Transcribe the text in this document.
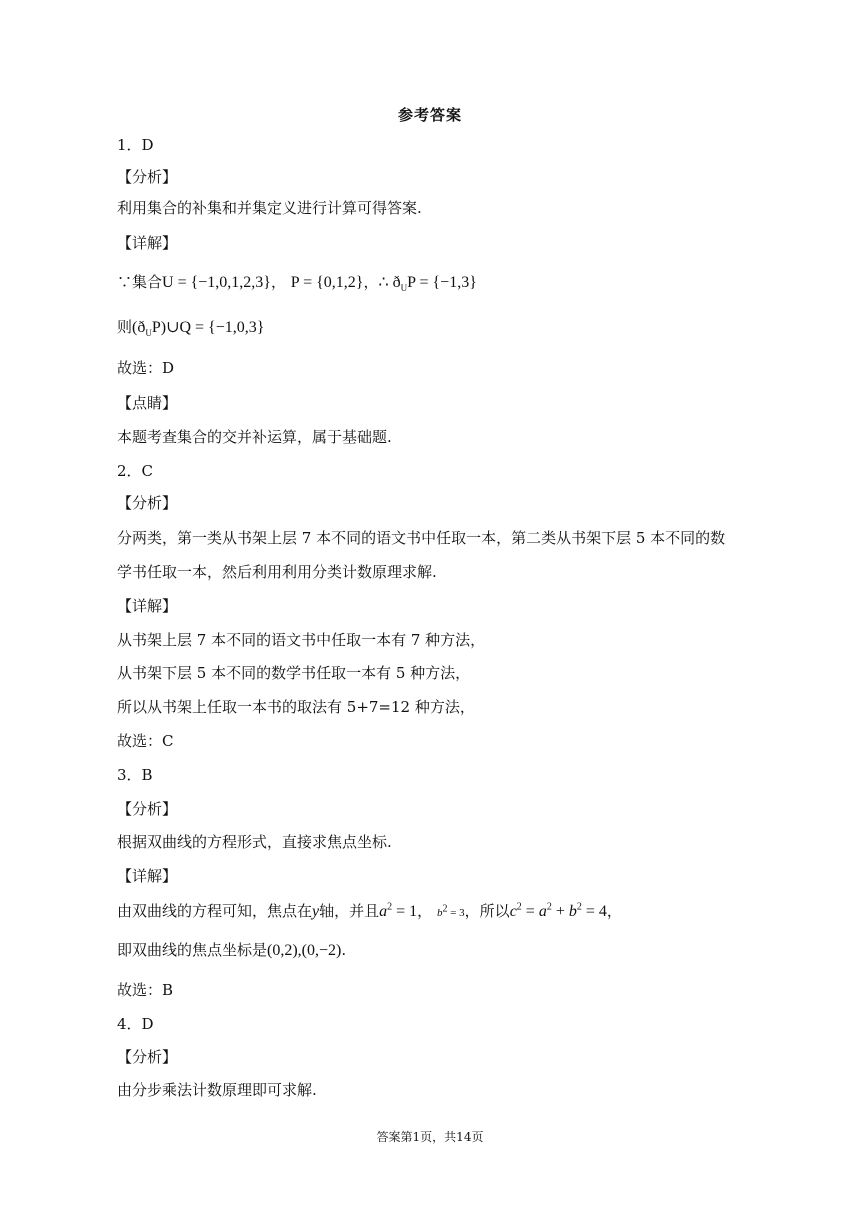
参考答案
1．D
【分析】
利用集合的补集和并集定义进行计算可得答案.
【详解】
∵集合U = {−1,0,1,2,3}， P = {0,1,2}，∴ $ð_UP = \{-1,3\}$
则$(ð_UP)\cup Q = \{-1,0,3\}$
故选：D
【点睛】
本题考查集合的交并补运算，属于基础题.
2．C
【分析】
分两类，第一类从书架上层 7 本不同的语文书中任取一本，第二类从书架下层 5 本不同的数
学书任取一本，然后利用利用分类计数原理求解.
【详解】
从书架上层 7 本不同的语文书中任取一本有 7 种方法，
从书架下层 5 本不同的数学书任取一本有 5 种方法，
所以从书架上任取一本书的取法有 5+7=12 种方法，
故选：C
3．B
【分析】
根据双曲线的方程形式，直接求焦点坐标.
【详解】
由双曲线的方程可知，焦点在y轴，并且$a^2 = 1$， $b^2 = 3$，所以$c^2 = a^2 + b^2 = 4$，
即双曲线的焦点坐标是(0,2),(0,−2).
故选：B
4．D
【分析】
由分步乘法计数原理即可求解.
答案第1页，共14页
